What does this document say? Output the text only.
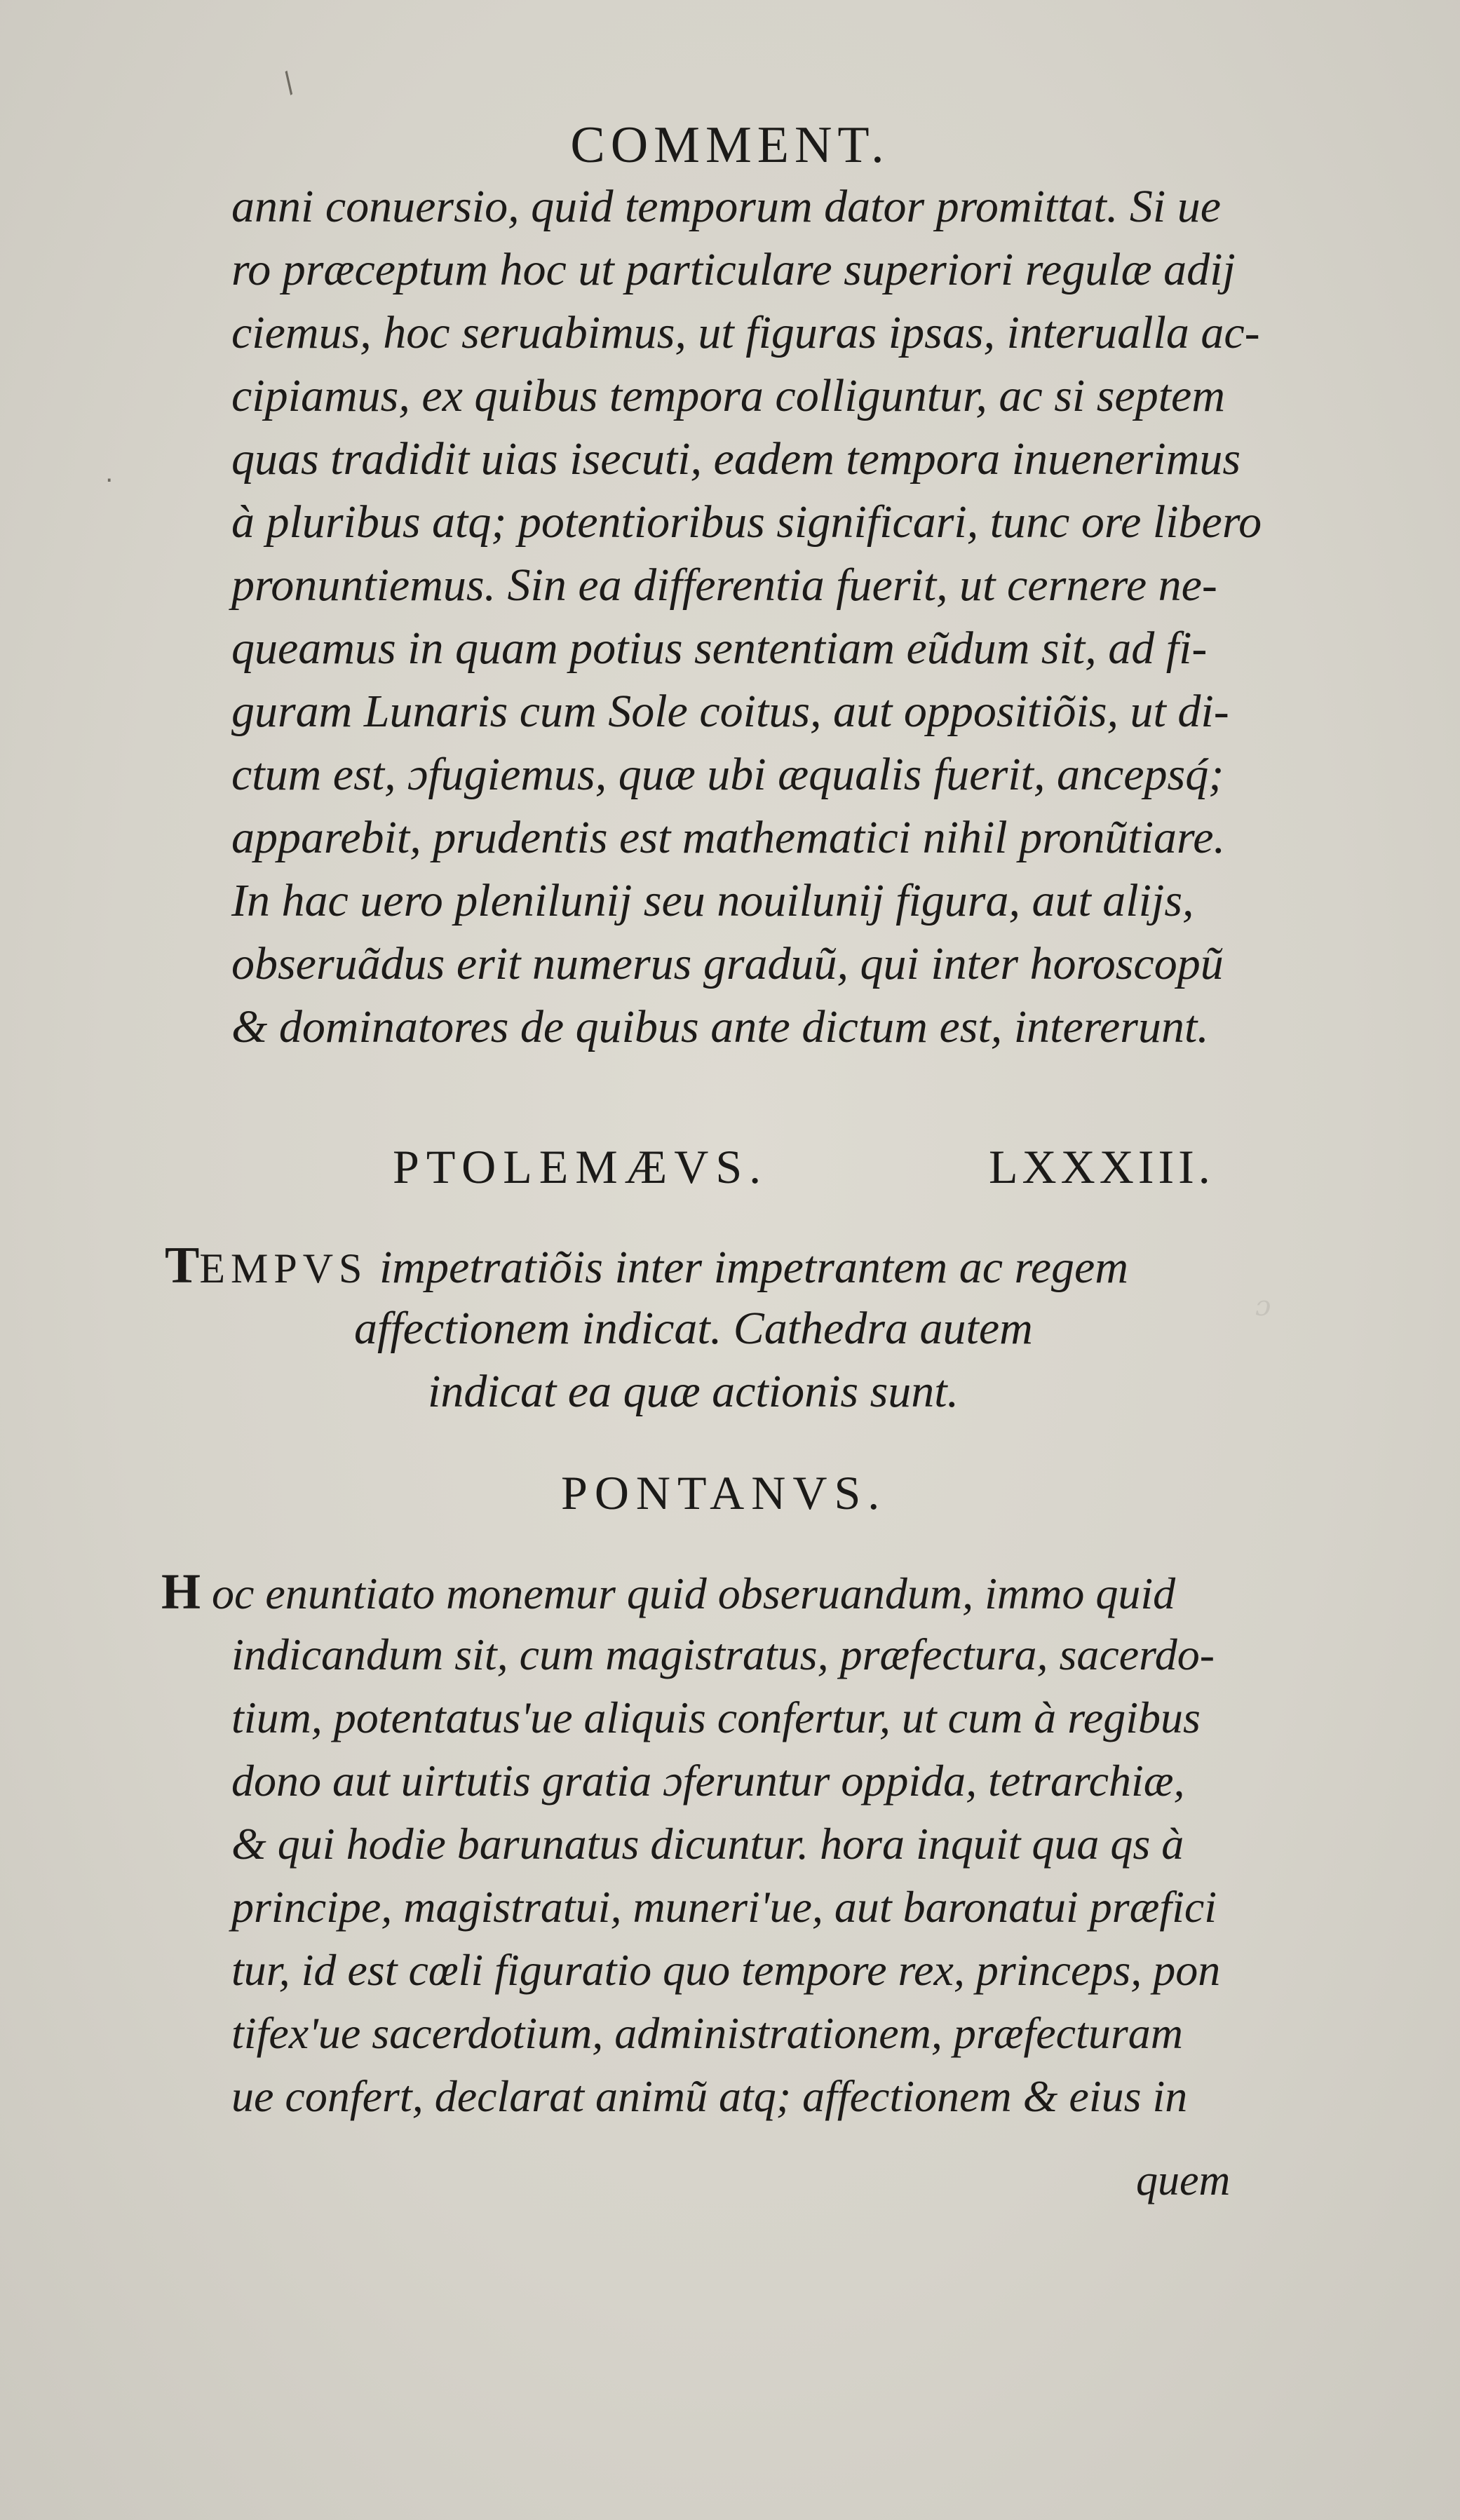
ɔ
/
·
COMMENT.
anni conuersio, quid temporum dator promittat. Si ue
ro præceptum hoc ut particulare superiori regulæ adij
ciemus, hoc seruabimus, ut figuras ipsas, interualla ac-
cipiamus, ex quibus tempora colliguntur, ac si septem
quas tradidit uias isecuti, eadem tempora inuenerimus
à pluribus atq; potentioribus significari, tunc ore libero
pronuntiemus. Sin ea differentia fuerit, ut cernere ne-
queamus in quam potius sententiam eũdum sit, ad fi-
guram Lunaris cum Sole coitus, aut oppositiõis, ut di-
ctum est, ɔfugiemus, quæ ubi æqualis fuerit, ancepsq́;
apparebit, prudentis est mathematici nihil pronũtiare.
In hac uero plenilunij seu nouilunij figura, aut alijs,
obseruãdus erit numerus graduũ, qui inter horoscopũ
& dominatores de quibus ante dictum est, intererunt.
PTOLEMÆVS.	LXXXIII.
TEMPVS impetratiõis inter impetrantem ac regem
affectionem indicat. Cathedra autem
indicat ea quæ actionis sunt.
PONTANVS.
H oc enuntiato monemur quid obseruandum, immo quid
indicandum sit, cum magistratus, præfectura, sacerdo-
tium, potentatus'ue aliquis confertur, ut cum à regibus
dono aut uirtutis gratia ɔferuntur oppida, tetrarchiæ,
& qui hodie barunatus dicuntur. hora inquit qua qs à
principe, magistratui, muneri'ue, aut baronatui præfici
tur, id est cœli figuratio quo tempore rex, princeps, pon
tifex'ue sacerdotium, administrationem, præfecturam
ue confert, declarat animũ atq; affectionem & eius in
quem
